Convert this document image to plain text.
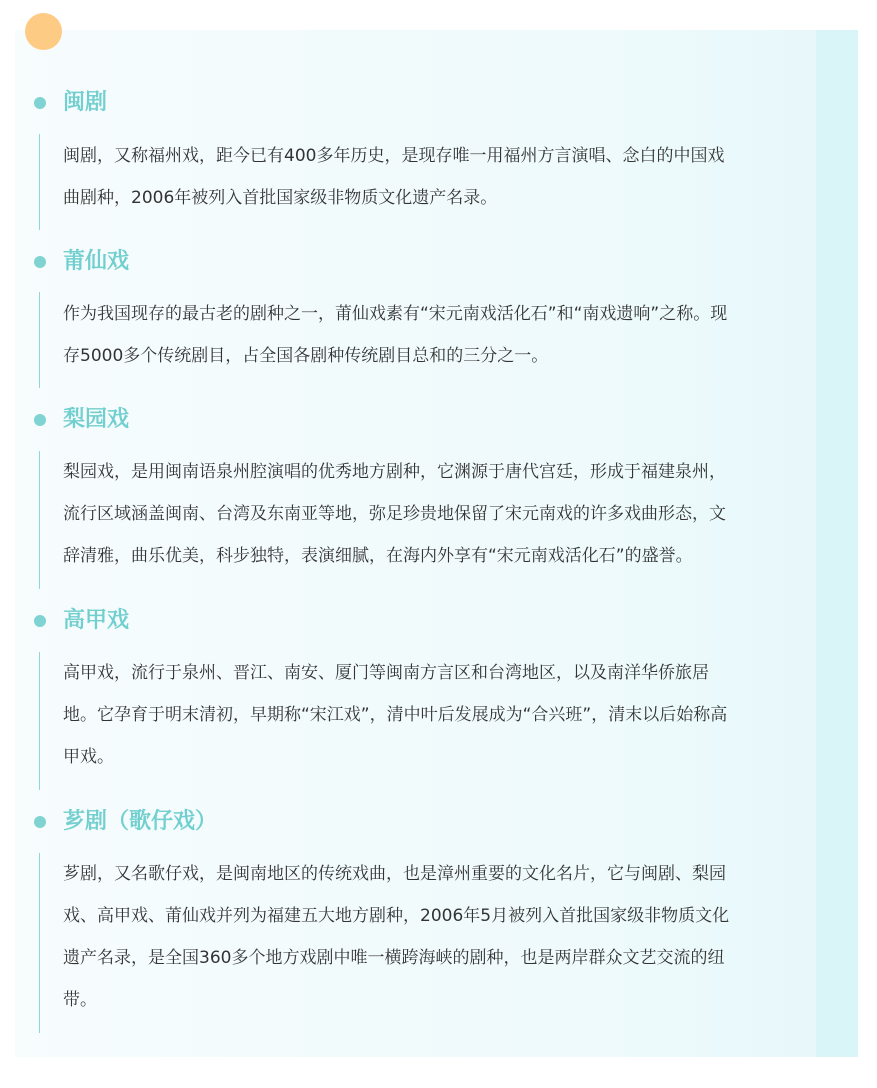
闽剧
闽剧，又称福州戏，距今已有400多年历史，是现存唯一用福州方言演唱、念白的中国戏
曲剧种，2006年被列入首批国家级非物质文化遗产名录。
莆仙戏
作为我国现存的最古老的剧种之一，莆仙戏素有“宋元南戏活化石”和“南戏遗响”之称。现
存5000多个传统剧目，占全国各剧种传统剧目总和的三分之一。
梨园戏
梨园戏，是用闽南语泉州腔演唱的优秀地方剧种，它渊源于唐代宫廷，形成于福建泉州，
流行区域涵盖闽南、台湾及东南亚等地，弥足珍贵地保留了宋元南戏的许多戏曲形态，文
辞清雅，曲乐优美，科步独特，表演细腻，在海内外享有“宋元南戏活化石”的盛誉。
高甲戏
高甲戏，流行于泉州、晋江、南安、厦门等闽南方言区和台湾地区，以及南洋华侨旅居
地。它孕育于明末清初，早期称“宋江戏”，清中叶后发展成为“合兴班”，清末以后始称高
甲戏。
芗剧（歌仔戏）
芗剧，又名歌仔戏，是闽南地区的传统戏曲，也是漳州重要的文化名片，它与闽剧、梨园
戏、高甲戏、莆仙戏并列为福建五大地方剧种，2006年5月被列入首批国家级非物质文化
遗产名录，是全国360多个地方戏剧中唯一横跨海峡的剧种，也是两岸群众文艺交流的纽
带。
